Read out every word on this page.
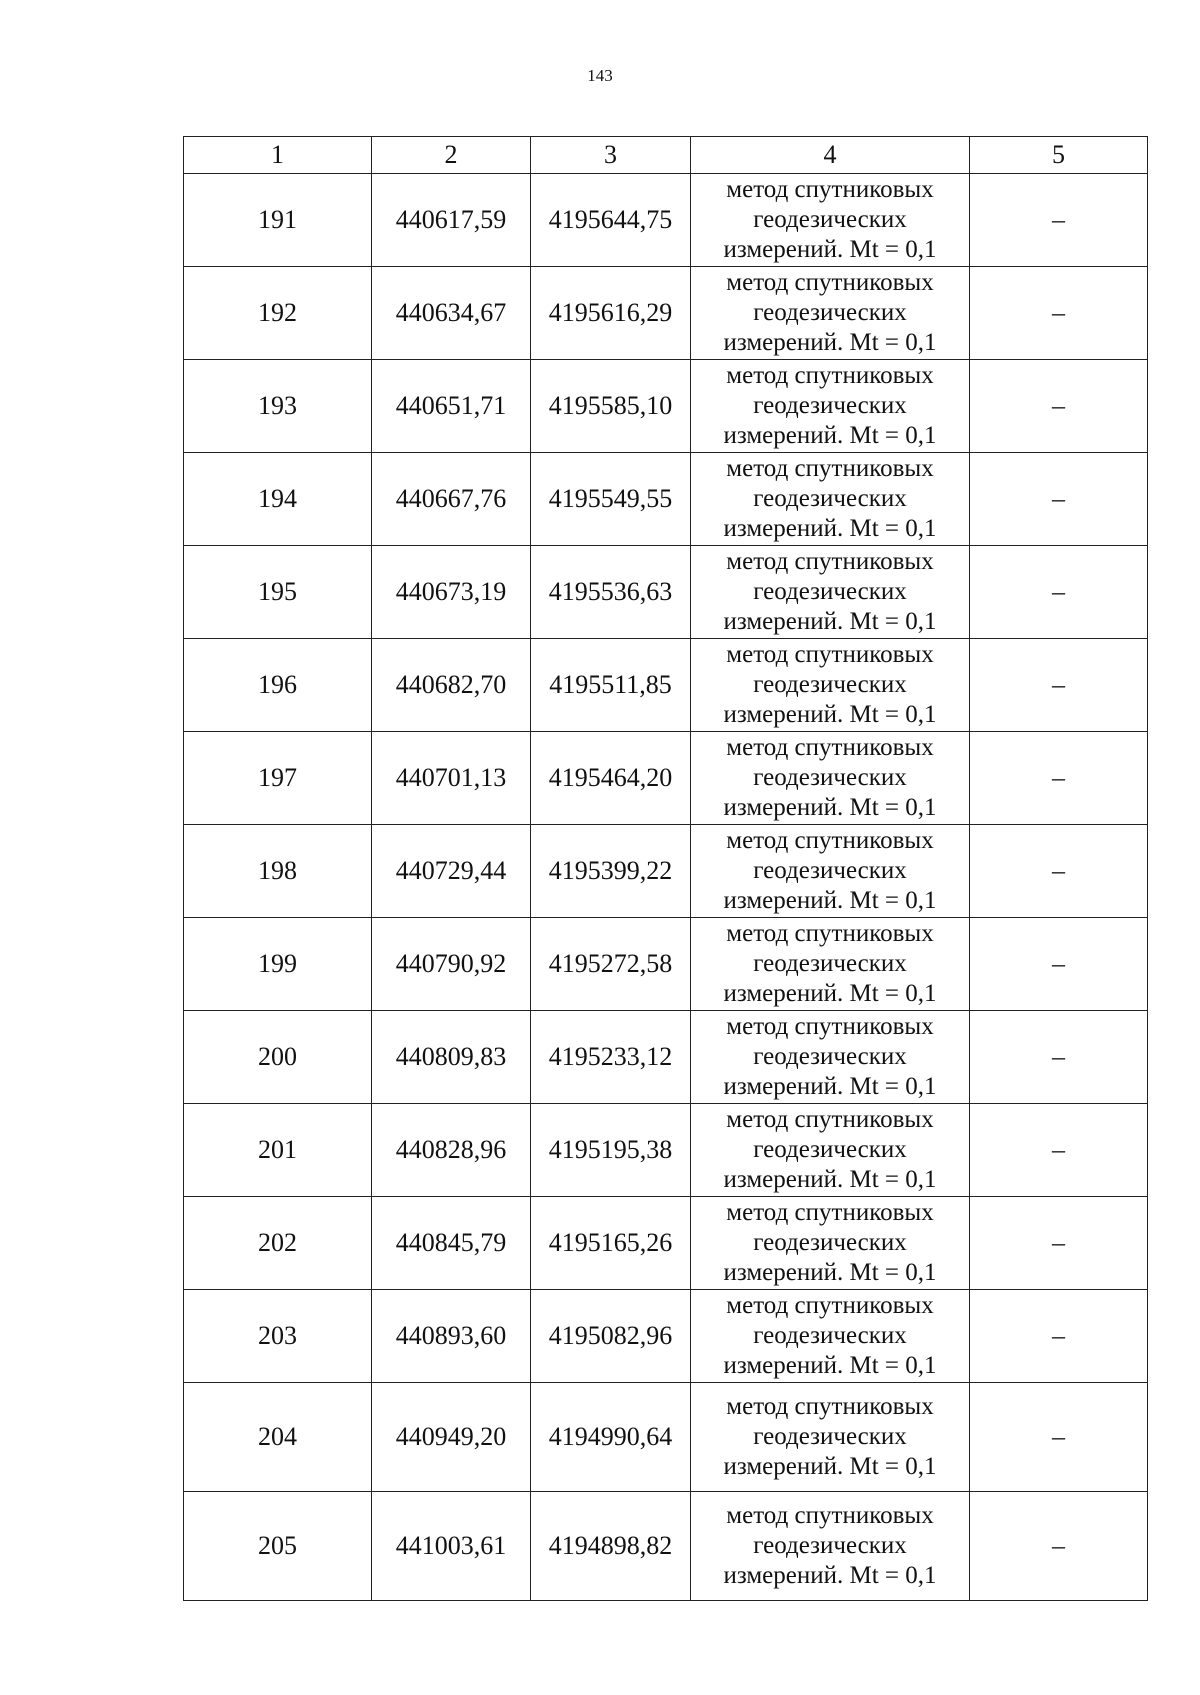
143
1	2	3	4	5
191	440617,59	4195644,75	метод спутниковых
геодезических
измерений. Mt = 0,1	–
192	440634,67	4195616,29	метод спутниковых
геодезических
измерений. Mt = 0,1	–
193	440651,71	4195585,10	метод спутниковых
геодезических
измерений. Mt = 0,1	–
194	440667,76	4195549,55	метод спутниковых
геодезических
измерений. Mt = 0,1	–
195	440673,19	4195536,63	метод спутниковых
геодезических
измерений. Mt = 0,1	–
196	440682,70	4195511,85	метод спутниковых
геодезических
измерений. Mt = 0,1	–
197	440701,13	4195464,20	метод спутниковых
геодезических
измерений. Mt = 0,1	–
198	440729,44	4195399,22	метод спутниковых
геодезических
измерений. Mt = 0,1	–
199	440790,92	4195272,58	метод спутниковых
геодезических
измерений. Mt = 0,1	–
200	440809,83	4195233,12	метод спутниковых
геодезических
измерений. Mt = 0,1	–
201	440828,96	4195195,38	метод спутниковых
геодезических
измерений. Mt = 0,1	–
202	440845,79	4195165,26	метод спутниковых
геодезических
измерений. Mt = 0,1	–
203	440893,60	4195082,96	метод спутниковых
геодезических
измерений. Mt = 0,1	–
204	440949,20	4194990,64	метод спутниковых
геодезических
измерений. Mt = 0,1	–
205	441003,61	4194898,82	метод спутниковых
геодезических
измерений. Mt = 0,1	–
